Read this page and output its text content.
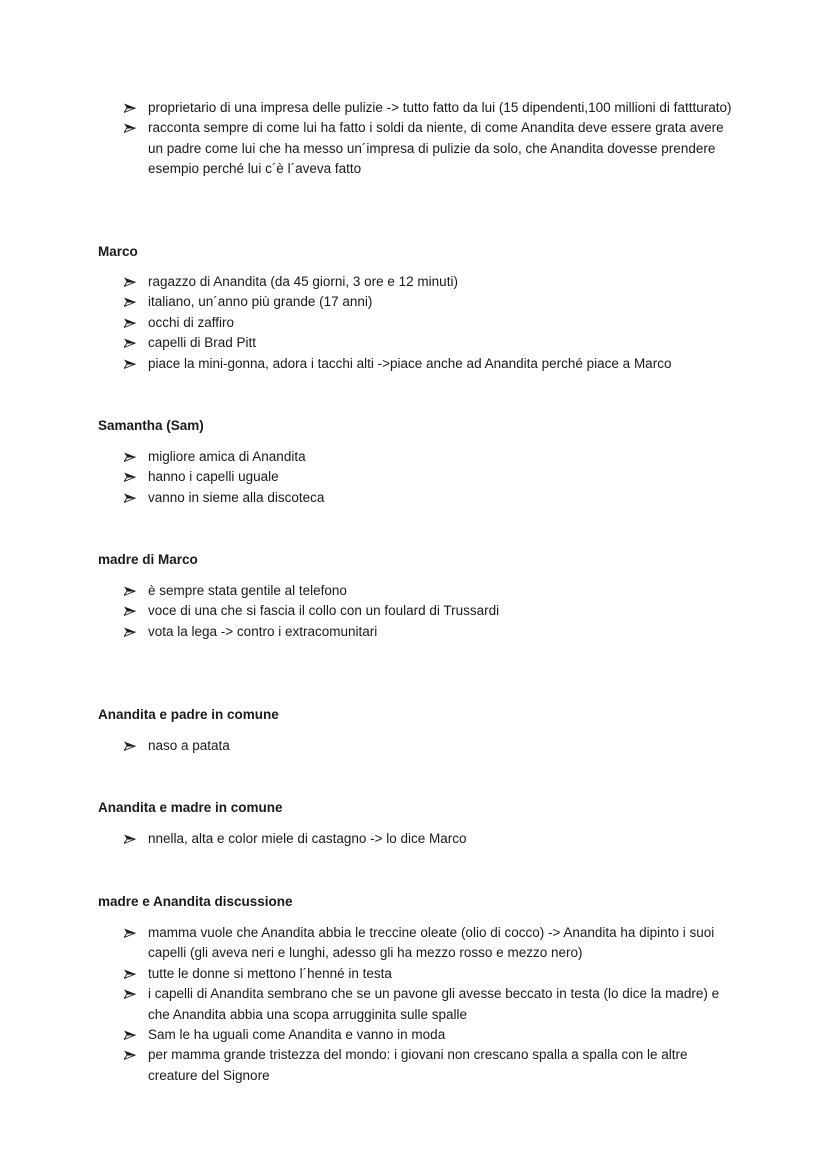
proprietario di una impresa delle pulizie -> tutto fatto da lui (15 dipendenti,100 millioni di fattturato)
racconta sempre di come lui ha fatto i soldi da niente, di come Anandita deve essere grata avere un padre come lui che ha messo un´impresa di pulizie da solo, che Anandita dovesse prendere esempio perché lui c´è l´aveva fatto
Marco
ragazzo di Anandita (da 45 giorni, 3 ore e 12 minuti)
italiano, un´anno più grande (17 anni)
occhi di zaffiro
capelli di Brad Pitt
piace la mini-gonna, adora i tacchi alti ->piace anche ad Anandita perché piace a Marco
Samantha (Sam)
migliore amica di Anandita
hanno i capelli uguale
vanno in sieme alla discoteca
madre di Marco
è sempre stata gentile al telefono
voce di una che si fascia il collo con un foulard di Trussardi
vota la lega -> contro i extracomunitari
Anandita e padre in comune
naso a patata
Anandita e madre in comune
nnella, alta e color miele di castagno -> lo dice Marco
madre e Anandita discussione
mamma vuole che Anandita abbia le treccine oleate (olio di cocco) -> Anandita ha dipinto i suoi capelli (gli aveva neri e lunghi, adesso gli ha mezzo rosso e mezzo nero)
tutte le donne si mettono l´henné in testa
i capelli di Anandita sembrano che se un pavone gli avesse beccato in testa (lo dice la madre) e che Anandita abbia una scopa arrugginita sulle spalle
Sam le ha uguali come Anandita e vanno in moda
per mamma grande tristezza del mondo: i giovani non crescano spalla a spalla con le altre creature del Signore
